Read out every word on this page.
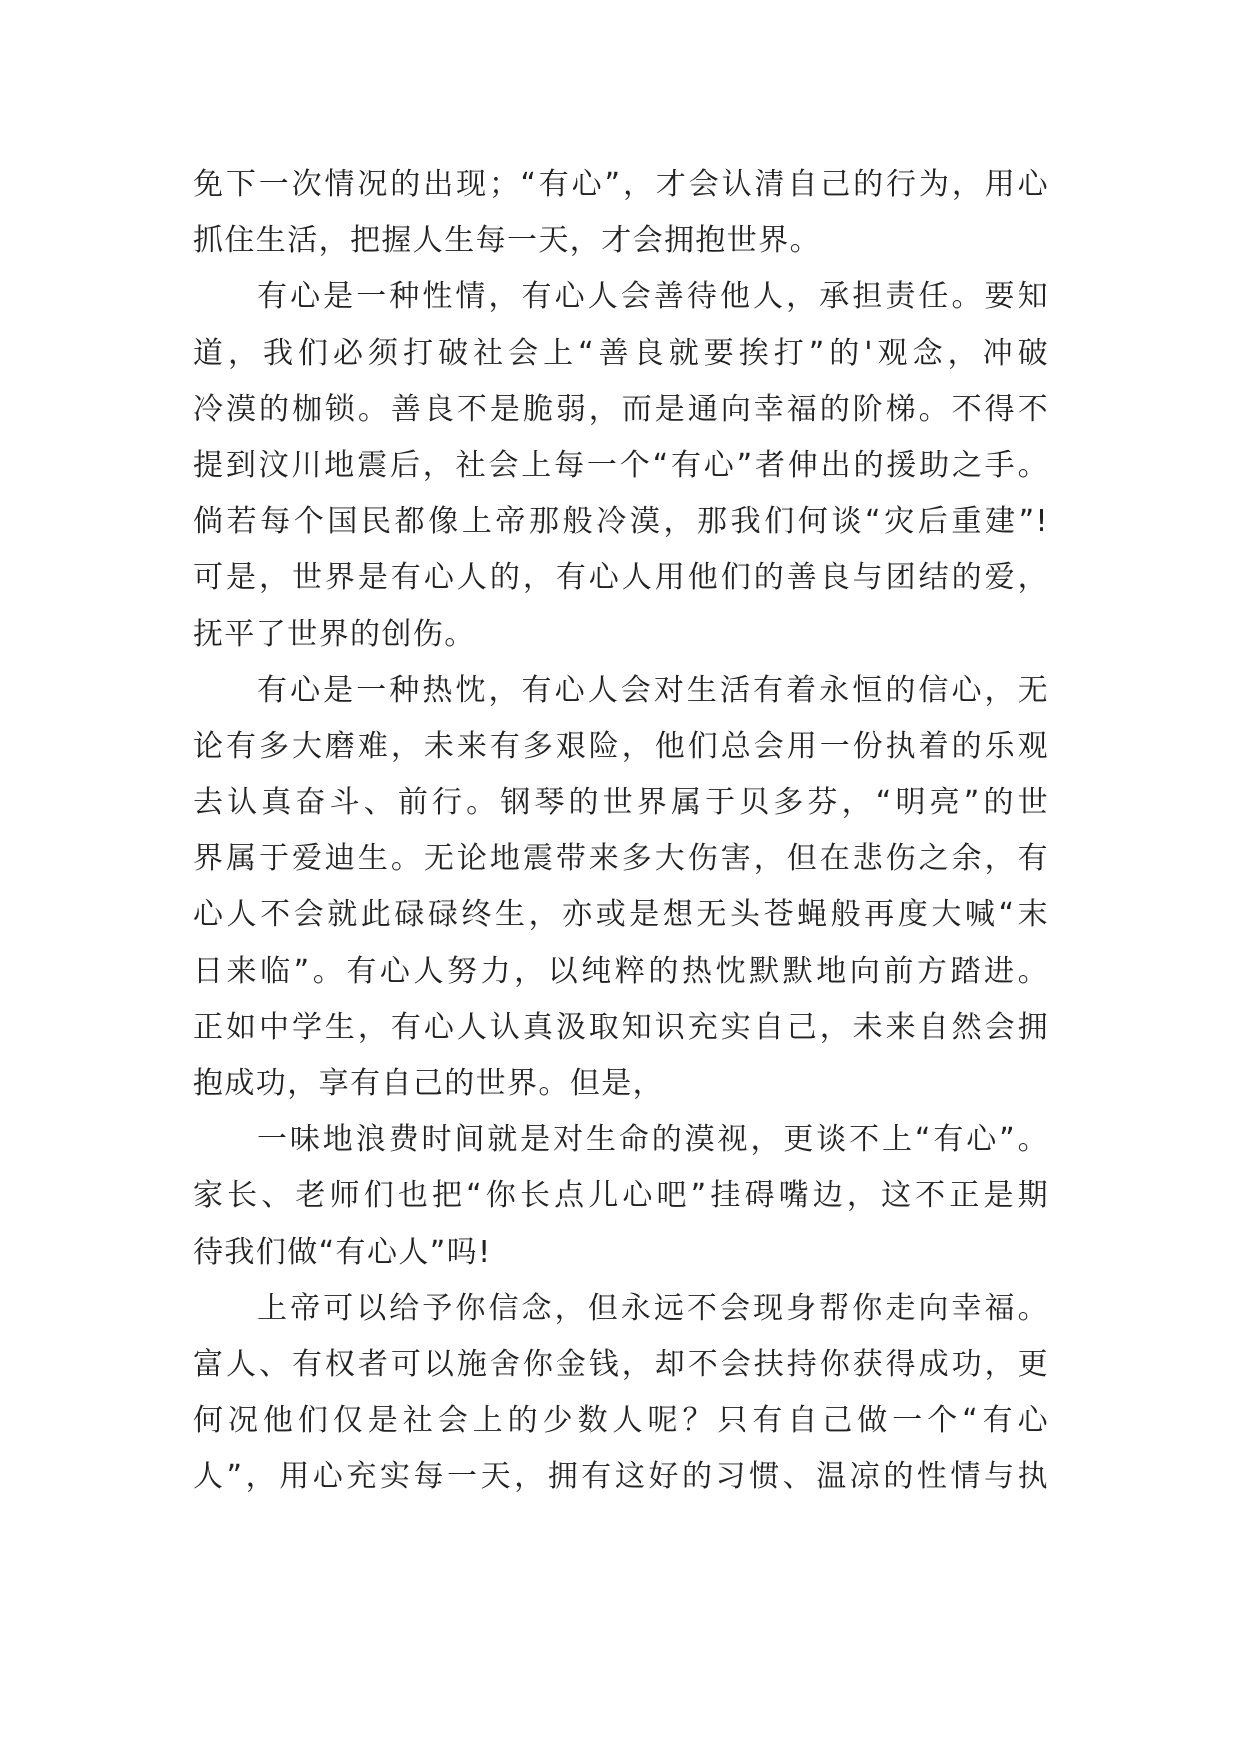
免下一次情况的出现；“有心”，才会认清自己的行为，用心
抓住生活，把握人生每一天，才会拥抱世界。
有心是一种性情，有心人会善待他人，承担责任。要知
道，我们必须打破社会上“善良就要挨打”的'观念，冲破
冷漠的枷锁。善良不是脆弱，而是通向幸福的阶梯。不得不
提到汶川地震后，社会上每一个“有心”者伸出的援助之手。
倘若每个国民都像上帝那般冷漠，那我们何谈“灾后重建”!
可是，世界是有心人的，有心人用他们的善良与团结的爱，
抚平了世界的创伤。
有心是一种热忱，有心人会对生活有着永恒的信心，无
论有多大磨难，未来有多艰险，他们总会用一份执着的乐观
去认真奋斗、前行。钢琴的世界属于贝多芬，“明亮”的世
界属于爱迪生。无论地震带来多大伤害，但在悲伤之余，有
心人不会就此碌碌终生，亦或是想无头苍蝇般再度大喊“末
日来临”。有心人努力，以纯粹的热忱默默地向前方踏进。
正如中学生，有心人认真汲取知识充实自己，未来自然会拥
抱成功，享有自己的世界。但是，
一味地浪费时间就是对生命的漠视，更谈不上“有心”。
家长、老师们也把“你长点儿心吧”挂碍嘴边，这不正是期
待我们做“有心人”吗!
上帝可以给予你信念，但永远不会现身帮你走向幸福。
富人、有权者可以施舍你金钱，却不会扶持你获得成功，更
何况他们仅是社会上的少数人呢？只有自己做一个“有心
人”，用心充实每一天，拥有这好的习惯、温凉的性情与执
